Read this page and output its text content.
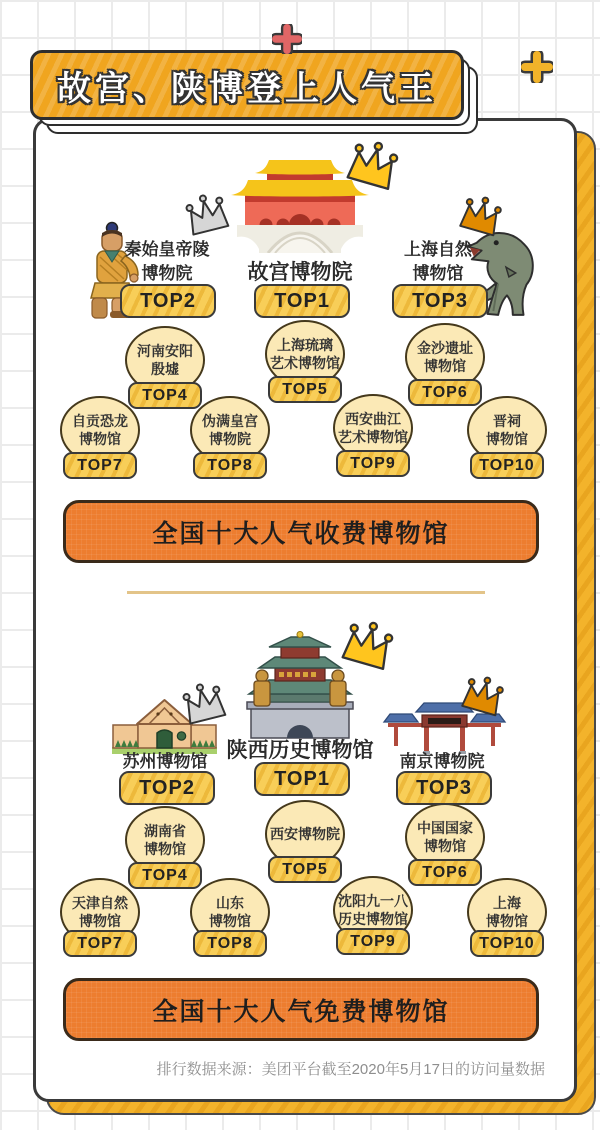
故宫、陕博登上人气王
故宫博物院
TOP1
秦始皇帝陵
博物院
TOP2
上海自然
博物馆
TOP3
河南安阳
殷墟
TOP4
上海琉璃
艺术博物馆
TOP5
金沙遗址
博物馆
TOP6
自贡恐龙
博物馆
TOP7
伪满皇宫
博物院
TOP8
西安曲江
艺术博物馆
TOP9
晋祠
博物馆
TOP10
全国十大人气收费博物馆
陕西历史博物馆
TOP1
苏州博物馆
TOP2
南京博物院
TOP3
湖南省
博物馆
TOP4
西安博物院
TOP5
中国国家
博物馆
TOP6
天津自然
博物馆
TOP7
山东
博物馆
TOP8
沈阳九一八
历史博物馆
TOP9
上海
博物馆
TOP10
全国十大人气免费博物馆
排行数据来源：美团平台截至2020年5月17日的访问量数据
